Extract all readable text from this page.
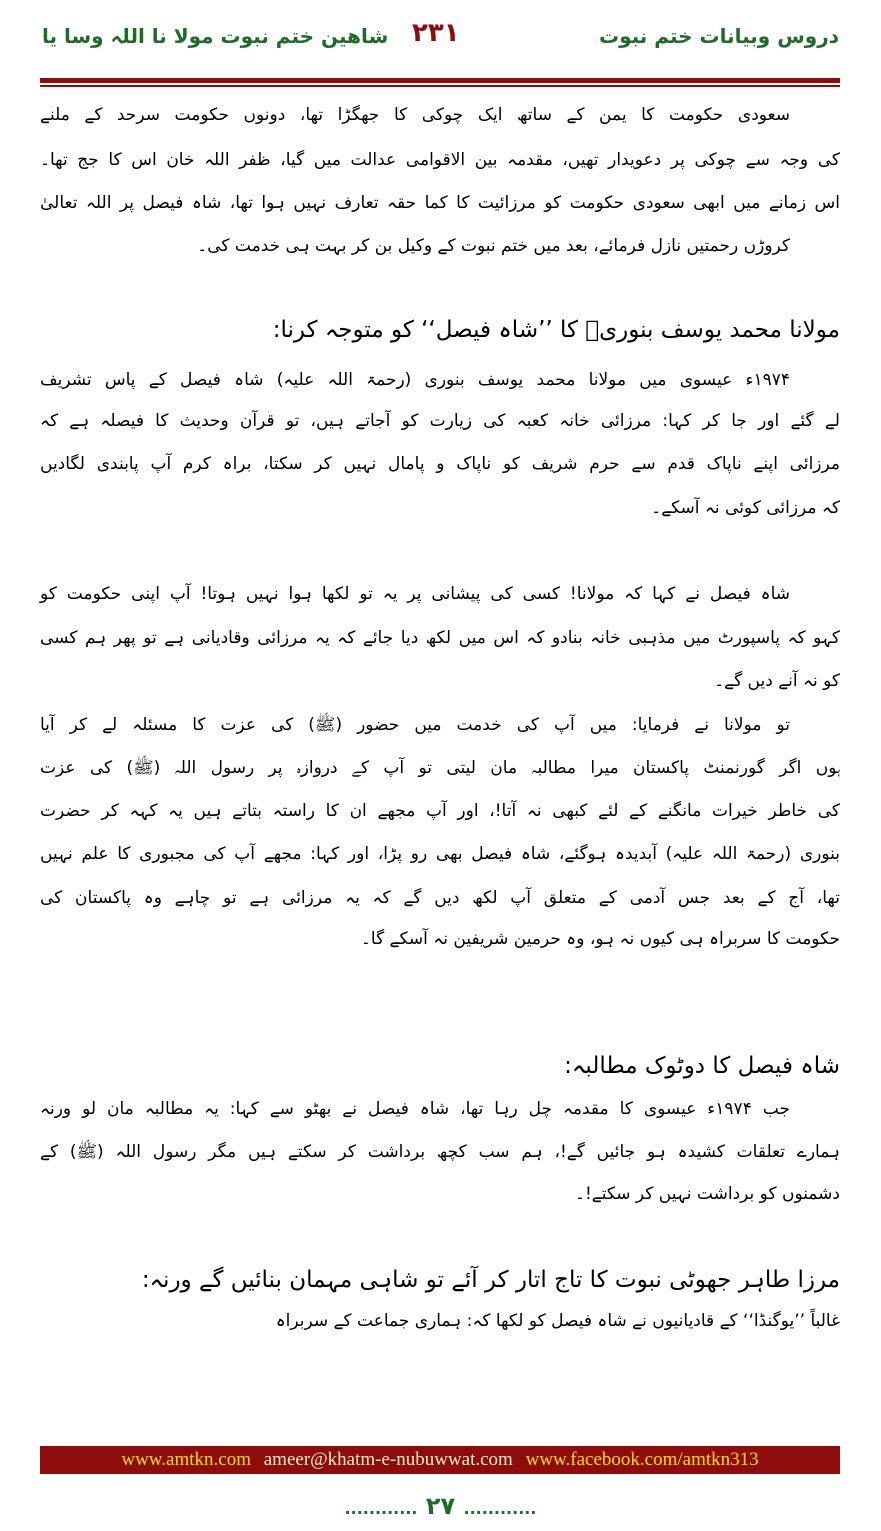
دروس وبیانات ختم نبوت
۲۳۱
شاهین ختم نبوت مولا نا اللہ وسا یا
سعودی حکومت کا یمن کے ساتھ ایک چوکی کا جھگڑا تھا، دونوں حکومت سرحد کے ملنے
کی وجہ سے چوکی پر دعویدار تھیں، مقدمہ بین الاقوامی عدالت میں گیا، ظفر اللہ خان اس کا جج تھا۔
اس زمانے میں ابھی سعودی حکومت کو مرزائیت کا کما حقہ تعارف نہیں ہوا تھا، شاہ فیصل پر اللہ تعالیٰ
کروڑں رحمتیں نازل فرمائے، بعد میں ختم نبوت کے وکیل بن کر بہت ہی خدمت کی۔
مولانا محمد یوسف بنوریؒ کا ’’شاہ فیصل‘‘ کو متوجہ کرنا:
۱۹۷۴ء عیسوی میں مولانا محمد یوسف بنوری (رحمۃ اللہ علیہ) شاہ فیصل کے پاس تشریف
لے گئے اور جا کر کہا: مرزائی خانہ کعبہ کی زیارت کو آجاتے ہیں، تو قرآن وحدیث کا فیصلہ ہے کہ
مرزائی اپنے ناپاک قدم سے حرم شریف کو ناپاک و پامال نہیں کر سکتا، براہ کرم آپ پابندی لگادیں
کہ مرزائی کوئی نہ آسکے۔
شاہ فیصل نے کہا کہ مولانا! کسی کی پیشانی پر یہ تو لکھا ہوا نہیں ہوتا! آپ اپنی حکومت کو
کہو کہ پاسپورٹ میں مذہبی خانہ بنادو کہ اس میں لکھ دیا جائے کہ یہ مرزائی وقادیانی ہے تو پھر ہم کسی
کو نہ آنے دیں گے۔
تو مولانا نے فرمایا: میں آپ کی خدمت میں حضور (ﷺ) کی عزت کا مسئلہ لے کر آیا
ہوں اگر گورنمنٹ پاکستان میرا مطالبہ مان لیتی تو آپ کے دروازہ پر رسول اللہ (ﷺ) کی عزت
کی خاطر خیرات مانگنے کے لئے کبھی نہ آتا!، اور آپ مجھے ان کا راستہ بتاتے ہیں یہ کہہ کر حضرت
بنوری (رحمۃ اللہ علیہ) آبدیدہ ہوگئے، شاہ فیصل بھی رو پڑا، اور کہا: مجھے آپ کی مجبوری کا علم نہیں
تھا، آج کے بعد جس آدمی کے متعلق آپ لکھ دیں گے کہ یہ مرزائی ہے تو چاہے وہ پاکستان کی
حکومت کا سربراہ ہی کیوں نہ ہو، وہ حرمین شریفین نہ آسکے گا۔
شاہ فیصل کا دوٹوک مطالبہ:
جب ۱۹۷۴ء عیسوی کا مقدمہ چل رہا تھا، شاہ فیصل نے بھٹو سے کہا: یہ مطالبہ مان لو ورنہ
ہمارے تعلقات کشیدہ ہو جائیں گے!، ہم سب کچھ برداشت کر سکتے ہیں مگر رسول اللہ (ﷺ) کے
دشمنوں کو برداشت نہیں کر سکتے!۔
مرزا طاہر جھوٹی نبوت کا تاج اتار کر آئے تو شاہی مہمان بنائیں گے ورنہ:
غالباً ’’یوگنڈا‘‘ کے قادیانیوں نے شاہ فیصل کو لکھا کہ: ہماری جماعت کے سربراہ
www.amtkn.com ameer@khatm-e-nubuwwat.com www.facebook.com/amtkn313
............ ۲۷ ............
